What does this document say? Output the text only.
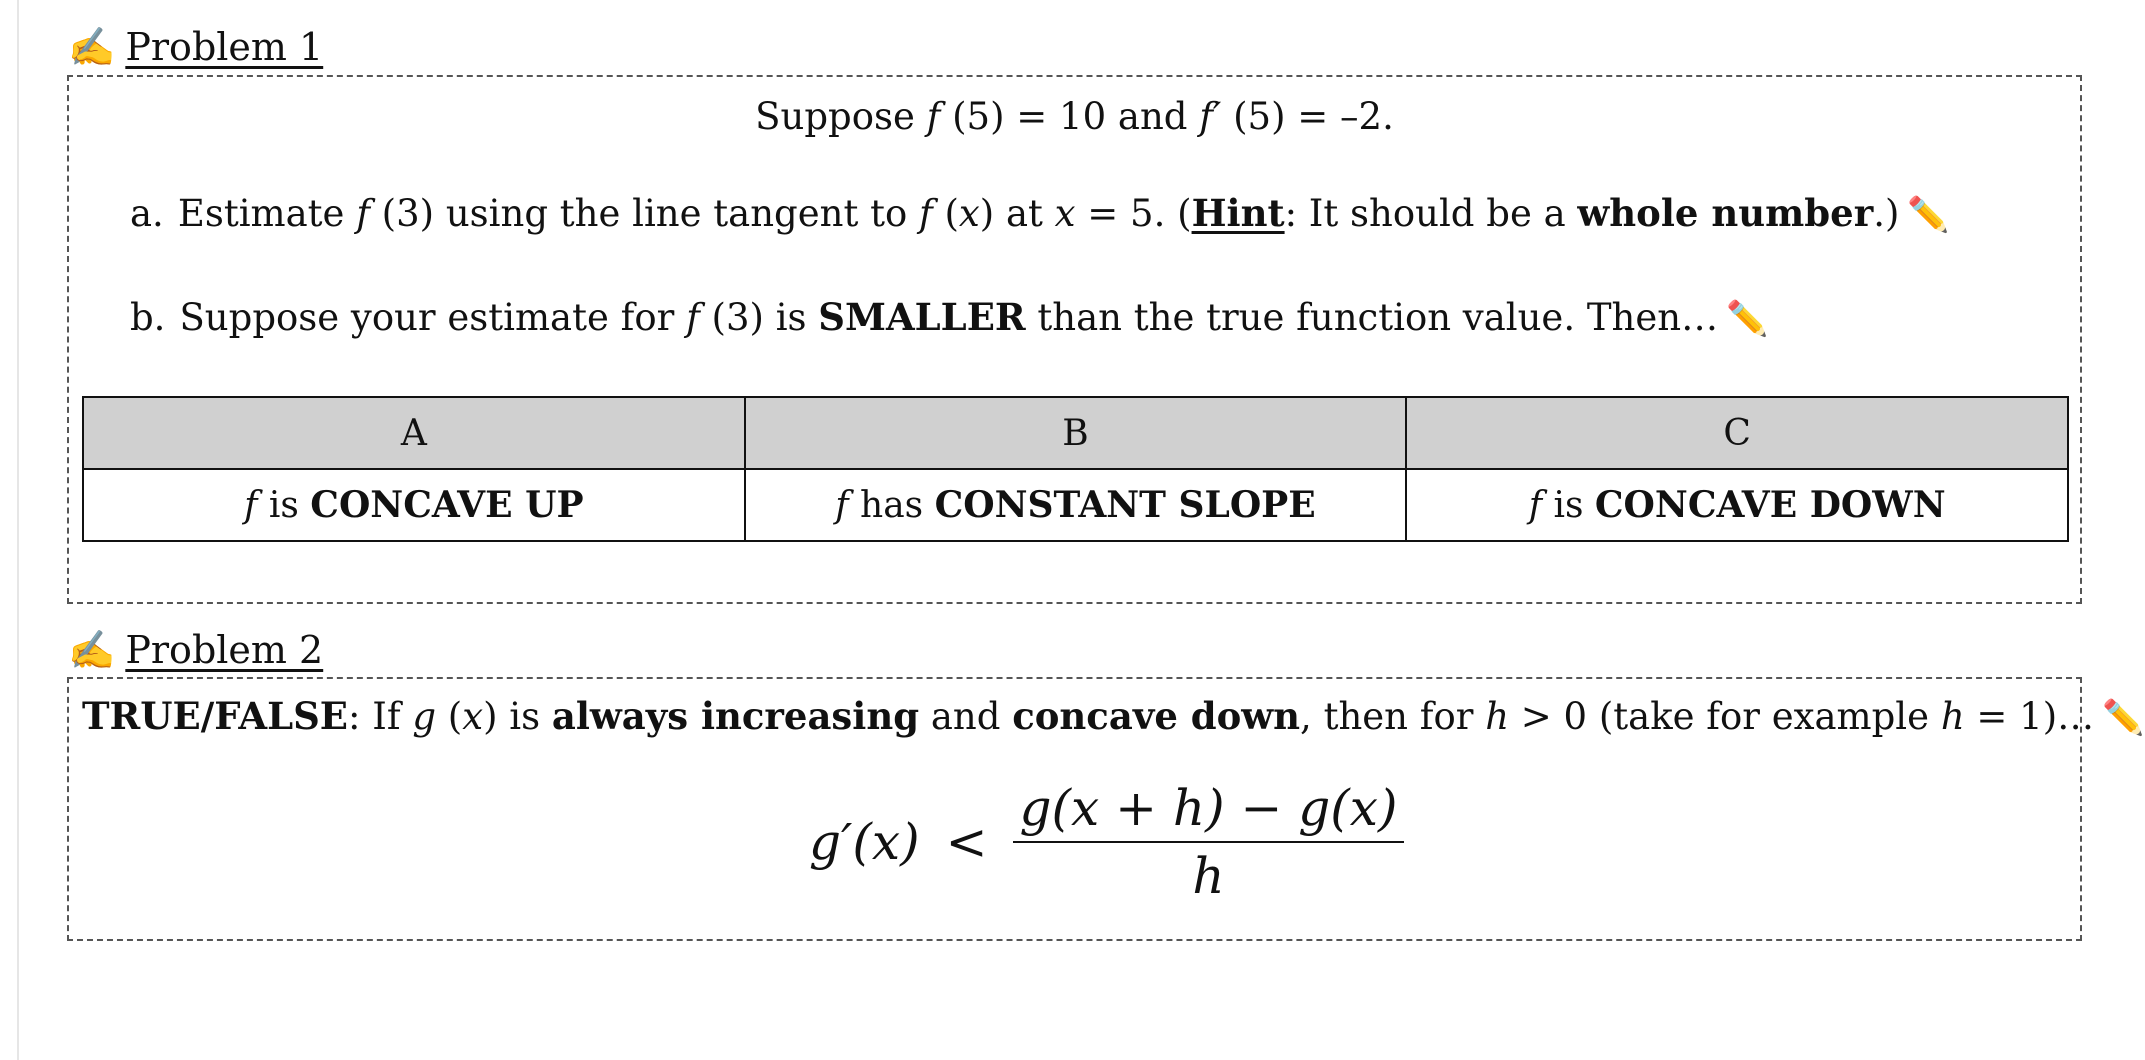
✍ Problem 1
Suppose f (5) = 10 and f′ (5) = –2.
a. Estimate f (3) using the line tangent to f (x) at x = 5. (Hint: It should be a whole number.) ✏️
b. Suppose your estimate for f (3) is SMALLER than the true function value. Then… ✏️
A	B	C
f is CONCAVE UP	f has CONSTANT SLOPE	f is CONCAVE DOWN
✍ Problem 2
TRUE/FALSE: If g (x) is always increasing and concave down, then for h > 0 (take for example h = 1)… ✏️
$g'(x) < \frac{g(x + h) - g(x)}{h}$
